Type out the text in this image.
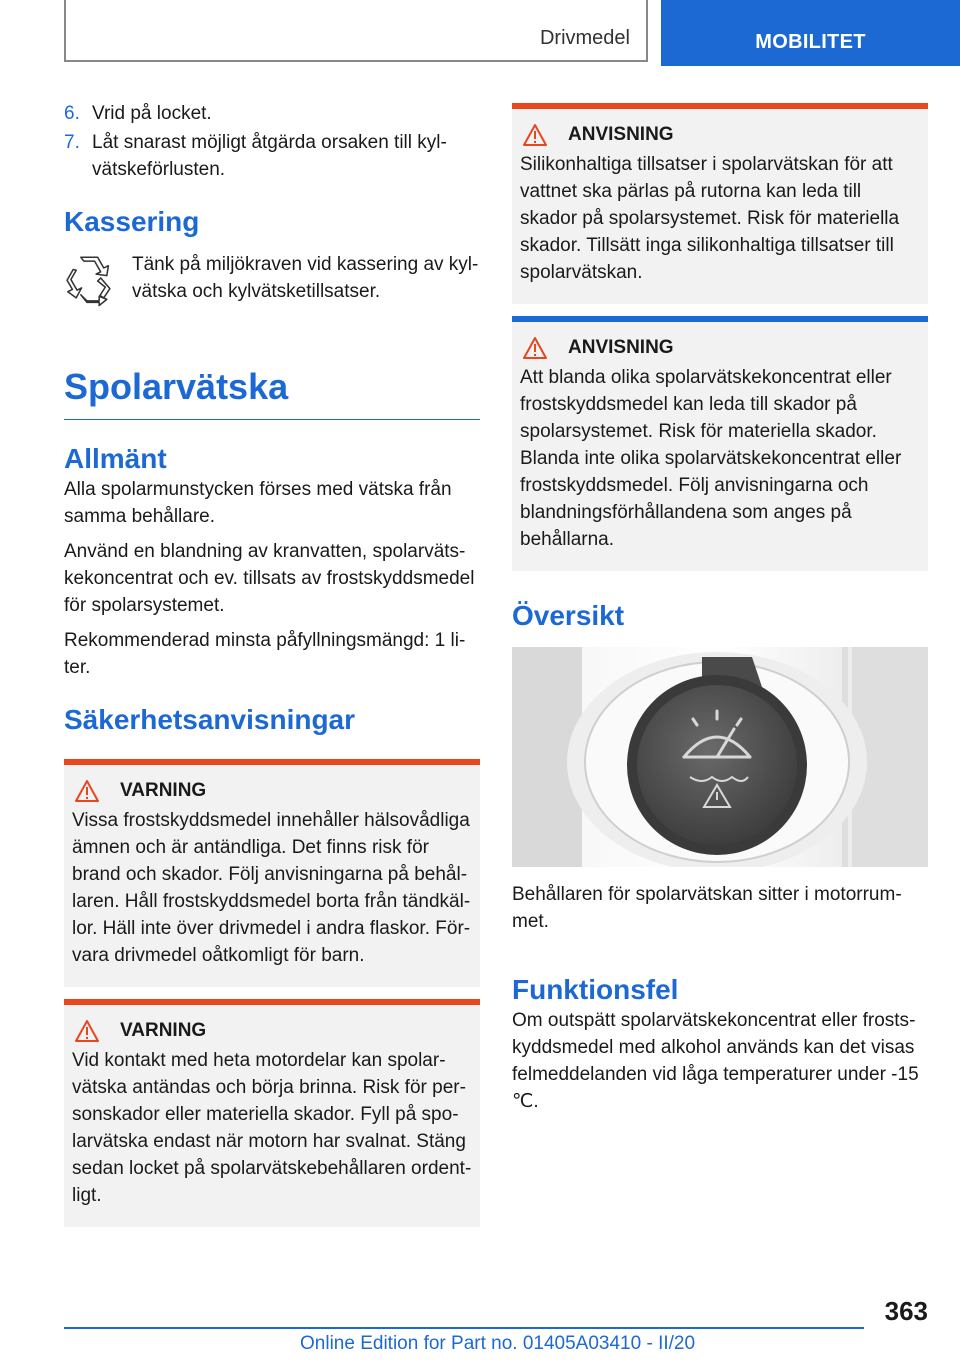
Drivmedel	MOBILITET
6. Vrid på locket.
7. Låt snarast möjligt åtgärda orsaken till kylvätskeförlusten.
Kassering

Tänk på miljökraven vid kassering av kylvätska och kylvätsketillsatser.

Spolarvätska
Allmänt

Alla spolarmunstycken förses med vätska från samma behållare.

Använd en blandning av kranvatten, spolarvätskekoncentrat och ev. tillsats av frostskyddsmedel för spolarsystemet.

Rekommenderad minsta påfyllningsmängd: 1 liter.

Säkerhetsanvisningar
VARNING

Vissa frostskyddsmedel innehåller hälsovådliga ämnen och är antändliga. Det finns risk för brand och skador. Följ anvisningarna på behållaren. Håll frostskyddsmedel borta från tändkällor. Häll inte över drivmedel i andra flaskor. Förvara drivmedel oåtkomligt för barn.

VARNING

Vid kontakt med heta motordelar kan spolarvätska antändas och börja brinna. Risk för personskador eller materiella skador. Fyll på spolarvätska endast när motorn har svalnat. Stäng sedan locket på spolarvätskebehållaren ordentligt.

ANVISNING

Silikonhaltiga tillsatser i spolarvätskan för att vattnet ska pärlas på rutorna kan leda till skador på spolarsystemet. Risk för materiella skador. Tillsätt inga silikonhaltiga tillsatser till spolarvätskan.

ANVISNING

Att blanda olika spolarvätskekoncentrat eller frostskyddsmedel kan leda till skador på spolarsystemet. Risk för materiella skador. Blanda inte olika spolarvätskekoncentrat eller frostskyddsmedel. Följ anvisningarna och blandningsförhållandena som anges på behållarna.

Översikt

Behållaren för spolarvätskan sitter i motorrummet.

Funktionsfel

Om outspätt spolarvätskekoncentrat eller frostskyddsmedel med alkohol används kan det visas felmeddelanden vid låga temperaturer under -15 ℃.

363
Online Edition for Part no. 01405A03410 - II/20
